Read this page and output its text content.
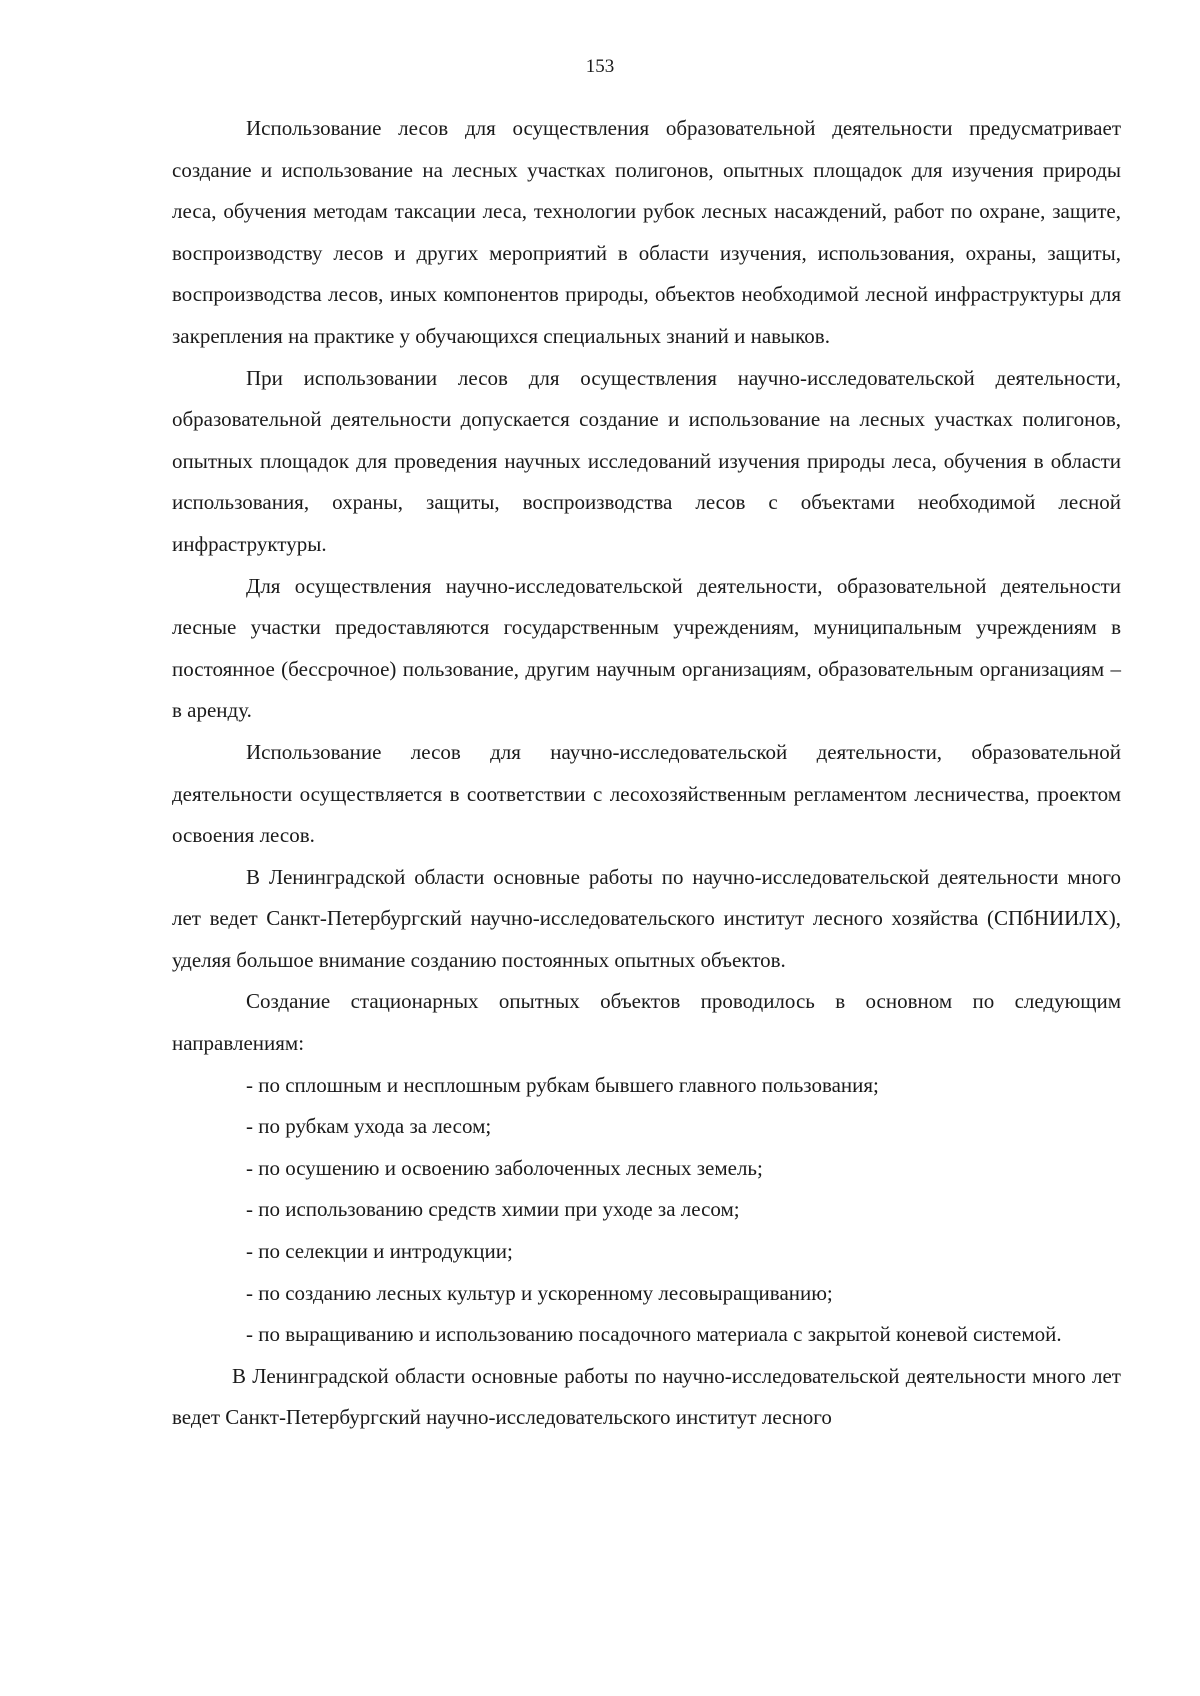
153

Использование лесов для осуществления образовательной деятельности предусматривает создание и использование на лесных участках полигонов, опытных площадок для изучения природы леса, обучения методам таксации леса, технологии рубок лесных насаждений, работ по охране, защите, воспроизводству лесов и других мероприятий в области изучения, использования, охраны, защиты, воспроизводства лесов, иных компонентов природы, объектов необходимой лесной инфраструктуры для закрепления на практике у обучающихся специальных знаний и навыков.

При использовании лесов для осуществления научно-исследовательской деятельности, образовательной деятельности допускается создание и использование на лесных участках полигонов, опытных площадок для проведения научных исследований изучения природы леса, обучения в области использования, охраны, защиты, воспроизводства лесов с объектами необходимой лесной инфраструктуры.

Для осуществления научно-исследовательской деятельности, образовательной деятельности лесные участки предоставляются государственным учреждениям, муниципальным учреждениям в постоянное (бессрочное) пользование, другим научным организациям, образовательным организациям – в аренду.

Использование лесов для научно-исследовательской деятельности, образовательной деятельности осуществляется в соответствии с лесохозяйственным регламентом лесничества, проектом освоения лесов.

В Ленинградской области основные работы по научно-исследовательской деятельности много лет ведет Санкт-Петербургский научно-исследовательского институт лесного хозяйства (СПбНИИЛХ), уделяя большое внимание созданию постоянных опытных объектов.

Создание стационарных опытных объектов проводилось в основном по следующим направлениям:

- по сплошным и несплошным рубкам бывшего главного пользования;

- по рубкам ухода за лесом;

- по осушению и освоению заболоченных лесных земель;

- по использованию средств химии при уходе за лесом;

- по селекции и интродукции;

- по созданию лесных культур и ускоренному лесовыращиванию;

- по выращиванию и использованию посадочного материала с закрытой коневой системой.

В Ленинградской области основные работы по научно-исследовательской деятельности много лет ведет Санкт-Петербургский научно-исследовательского институт лесного
